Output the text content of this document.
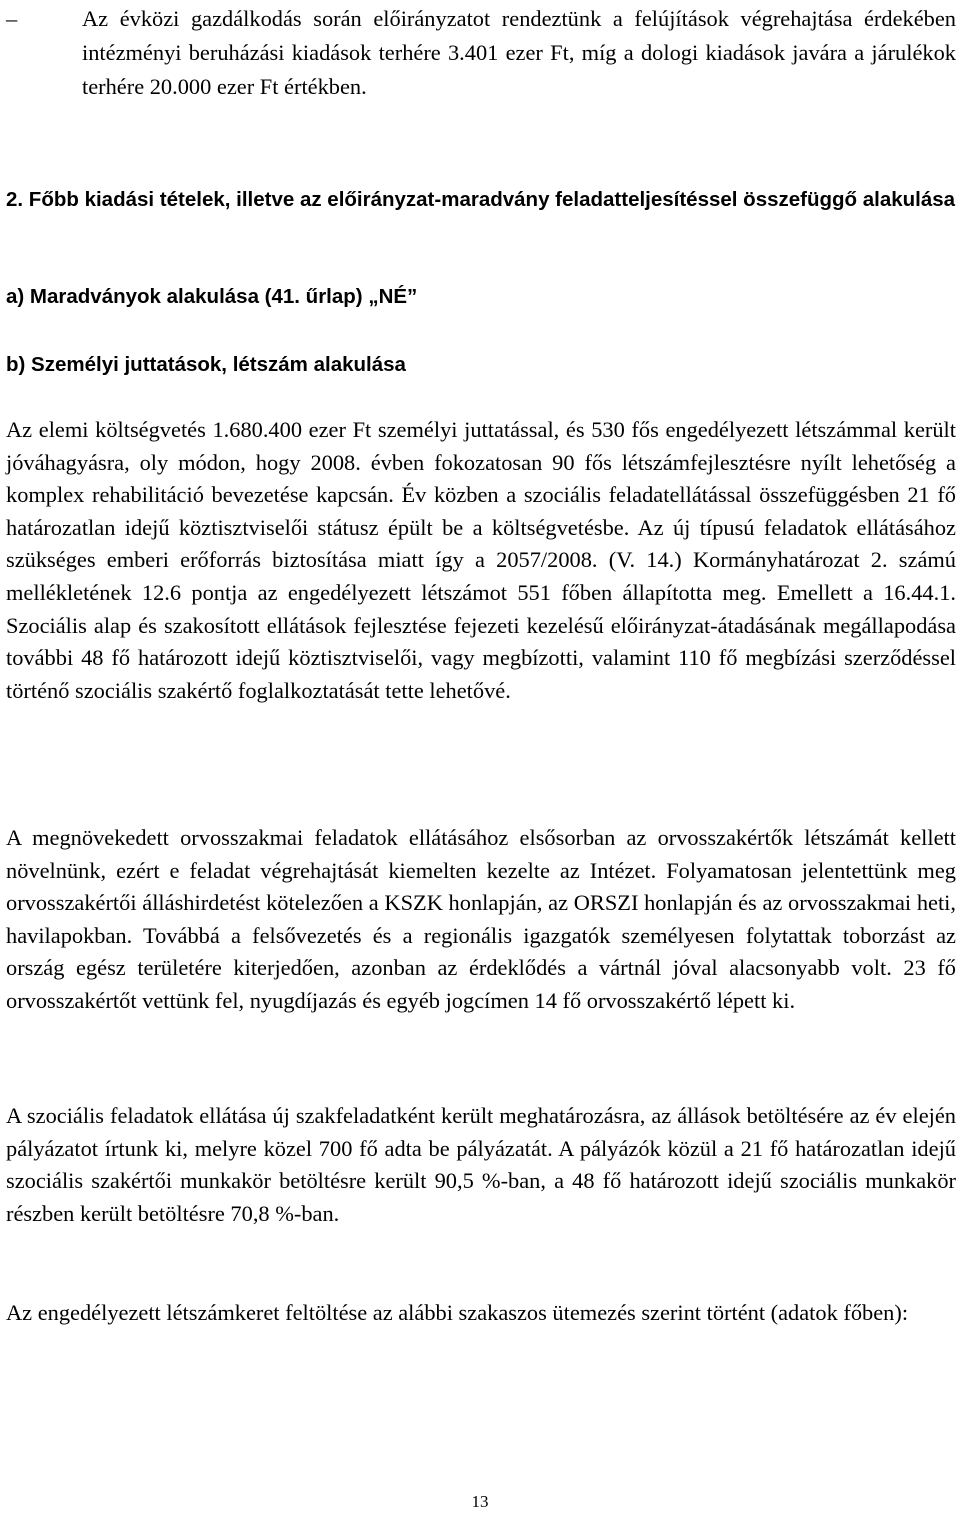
–	Az évközi gazdálkodás során előirányzatot rendeztünk a felújítások végrehajtása érdekében intézményi beruházási kiadások terhére 3.401 ezer Ft, míg a dologi kiadások javára a járulékok terhére 20.000 ezer Ft értékben.
2. Főbb kiadási tételek, illetve az előirányzat-maradvány feladatteljesítéssel összefüggő alakulása
a) Maradványok alakulása (41. űrlap) „NÉ”
b) Személyi juttatások, létszám alakulása

Az elemi költségvetés 1.680.400 ezer Ft személyi juttatással, és 530 fős engedélyezett létszámmal került jóváhagyásra, oly módon, hogy 2008. évben fokozatosan 90 fős létszámfejlesztésre nyílt lehetőség a komplex rehabilitáció bevezetése kapcsán. Év közben a szociális feladatellátással összefüggésben 21 fő határozatlan idejű köztisztviselői státusz épült be a költségvetésbe. Az új típusú feladatok ellátásához szükséges emberi erőforrás biztosítása miatt így a 2057/2008. (V. 14.) Kormányhatározat 2. számú mellékletének 12.6 pontja az engedélyezett létszámot 551 főben állapította meg. Emellett a 16.44.1. Szociális alap és szakosított ellátások fejlesztése fejezeti kezelésű előirányzat-átadásának megállapodása további 48 fő határozott idejű köztisztviselői, vagy megbízotti, valamint 110 fő megbízási szerződéssel történő szociális szakértő foglalkoztatását tette lehetővé.

A megnövekedett orvosszakmai feladatok ellátásához elsősorban az orvosszakértők létszámát kellett növelnünk, ezért e feladat végrehajtását kiemelten kezelte az Intézet. Folyamatosan jelentettünk meg orvosszakértői álláshirdetést kötelezően a KSZK honlapján, az ORSZI honlapján és az orvosszakmai heti, havilapokban. Továbbá a felsővezetés és a regionális igazgatók személyesen folytattak toborzást az ország egész területére kiterjedően, azonban az érdeklődés a vártnál jóval alacsonyabb volt. 23 fő orvosszakértőt vettünk fel, nyugdíjazás és egyéb jogcímen 14 fő orvosszakértő lépett ki.

A szociális feladatok ellátása új szakfeladatként került meghatározásra, az állások betöltésére az év elején pályázatot írtunk ki, melyre közel 700 fő adta be pályázatát. A pályázók közül a 21 fő határozatlan idejű szociális szakértői munkakör betöltésre került 90,5 %-ban, a 48 fő határozott idejű szociális munkakör részben került betöltésre 70,8 %-ban.

Az engedélyezett létszámkeret feltöltése az alábbi szakaszos ütemezés szerint történt (adatok főben):

13
